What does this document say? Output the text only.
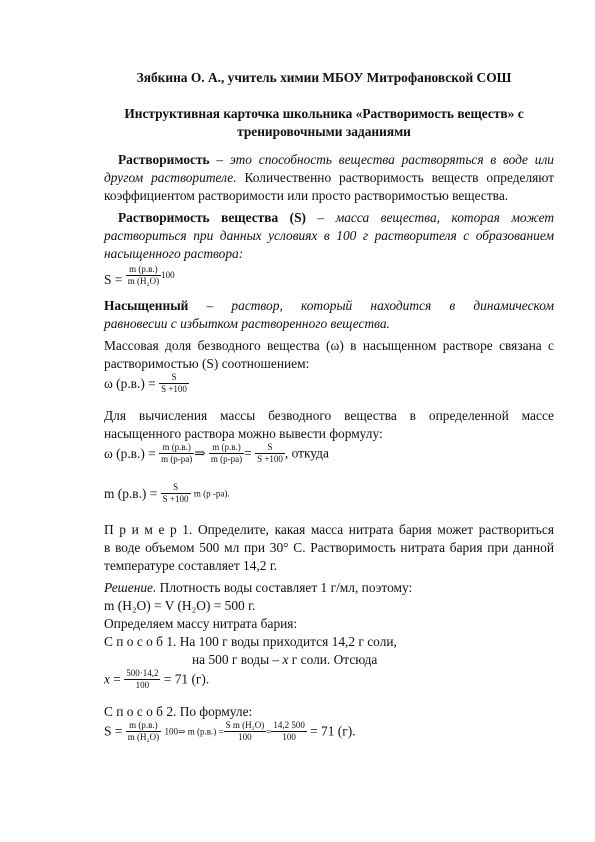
Зябкина О. А., учитель химии МБОУ Митрофановской СОШ
Инструктивная карточка школьника «Растворимость веществ» с
тренировочными заданиями
Растворимость – это способность вещества растворяться в воде или
другом растворителе. Количественно растворимость веществ определяют
коэффициентом растворимости или просто растворимостью вещества.
Растворимость вещества (S) – масса вещества, которая может
раствориться при данных условиях в 100 г растворителя с образованием
насыщенного раствора:
$S = \frac{m (р.в.)}{\text{m (H₂O)}} 100$
Насыщенный – раствор, который находится в динамическом
равновесии с избытком растворенного вещества.
Массовая доля безводного вещества (ω) в насыщенном растворе связана с
растворимостью (S) соотношением:
ω $(р.в.) = \frac{S}{S +100}$
Для вычисления массы безводного вещества в определенной массе
насыщенного раствора можно вывести формулу:
ω $(р.в.) = \frac{m (р.в.)}{m (р-ра)}$ ⇒ $\frac{m (р.в.)}{m (р-ра)} = \frac{S}{S +100}$ , откуда
m $(р.в.) = \frac{S}{S +100}$ m (р -ра).
П р и м е р 1. Определите, какая масса нитрата бария может раствориться
в воде объемом 500 мл при 30° С. Растворимость нитрата бария при данной
температуре составляет 14,2 г.
Решение. Плотность воды составляет 1 г/мл, поэтому:
m (H₂O) = V (H₂O) = 500 г.
Определяем массу нитрата бария:
С п о с о б 1. На 100 г воды приходится 14,2 г соли,
на 500 г воды – x г соли. Отсюда
$x = \frac{500\cdot 14,2}{100} = 71$ (г).
С п о с о б 2. По формуле:
$S = \frac{m (р.в.)}{\text{m (H₂O)}}$ 100⇒ m $(р.в.) = \frac{\text{S m (H₂O)}}{100} = \frac{14,2 500}{100} = 71$ (г).
